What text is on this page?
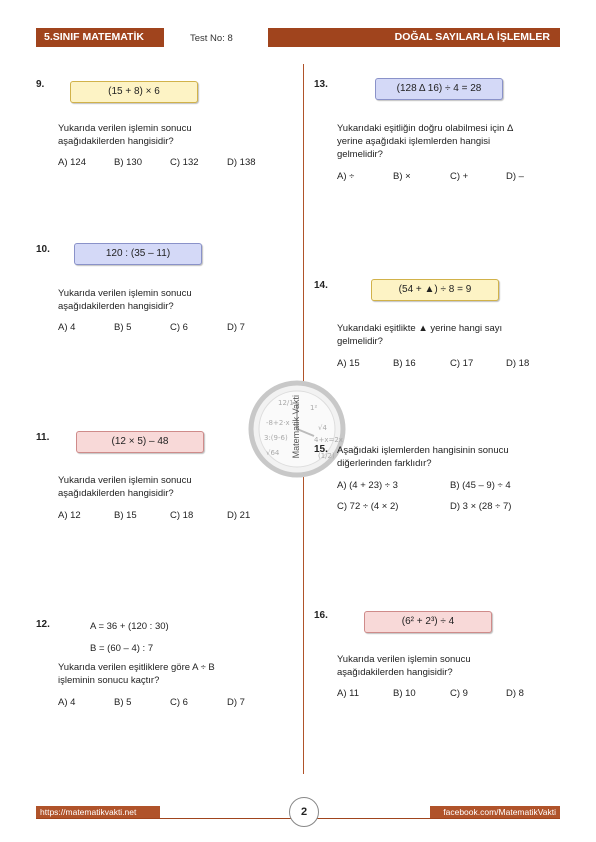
5.SINIF MATEMATİK	Test No: 8	DOĞAL SAYILARLA İŞLEMLER
12/1
1²
-8+2·x
√4
3:(9-6)	4+x=2x
√64	(1/2)
Matematik Vakti
9.
(15 + 8) × 6
Yukarıda verilen işlemin sonucu
aşağıdakilerden hangisidir?
A) 124	B) 130	C) 132	D) 138
10.	120 : (35 – 11)
Yukarıda verilen işlemin sonucu
aşağıdakilerden hangisidir?
A) 4	B) 5	C) 6	D) 7
11.	(12 × 5) – 48
Yukarıda verilen işlemin sonucu
aşağıdakilerden hangisidir?
A) 12	B) 15	C) 18	D) 21
12.	A = 36 + (120 : 30)
B = (60 – 4) : 7
Yukarıda verilen eşitliklere göre A ÷ B
işleminin sonucu kaçtır?
A) 4	B) 5	C) 6	D) 7
13.	(128 Δ 16) ÷ 4 = 28
Yukarıdaki eşitliğin doğru olabilmesi için Δ
yerine aşağıdaki işlemlerden hangisi
gelmelidir?
A) ÷	B) ×	C) +	D) –
14.	(54 + ▲) ÷ 8 = 9
Yukarıdaki eşitlikte ▲ yerine hangi sayı
gelmelidir?
A) 15	B) 16	C) 17	D) 18
15. Aşağıdaki işlemlerden hangisinin sonucu
diğerlerinden farklıdır?
A) (4 + 23) ÷ 3	B) (45 – 9) ÷ 4
C) 72 ÷ (4 × 2)	D) 3 × (28 ÷ 7)
16.
(6² + 2³) ÷ 4
Yukarıda verilen işlemin sonucu
aşağıdakilerden hangisidir?
A) 11	B) 10	C) 9	D) 8
https://matematikvakti.net	2	facebook.com/MatematikVakti
